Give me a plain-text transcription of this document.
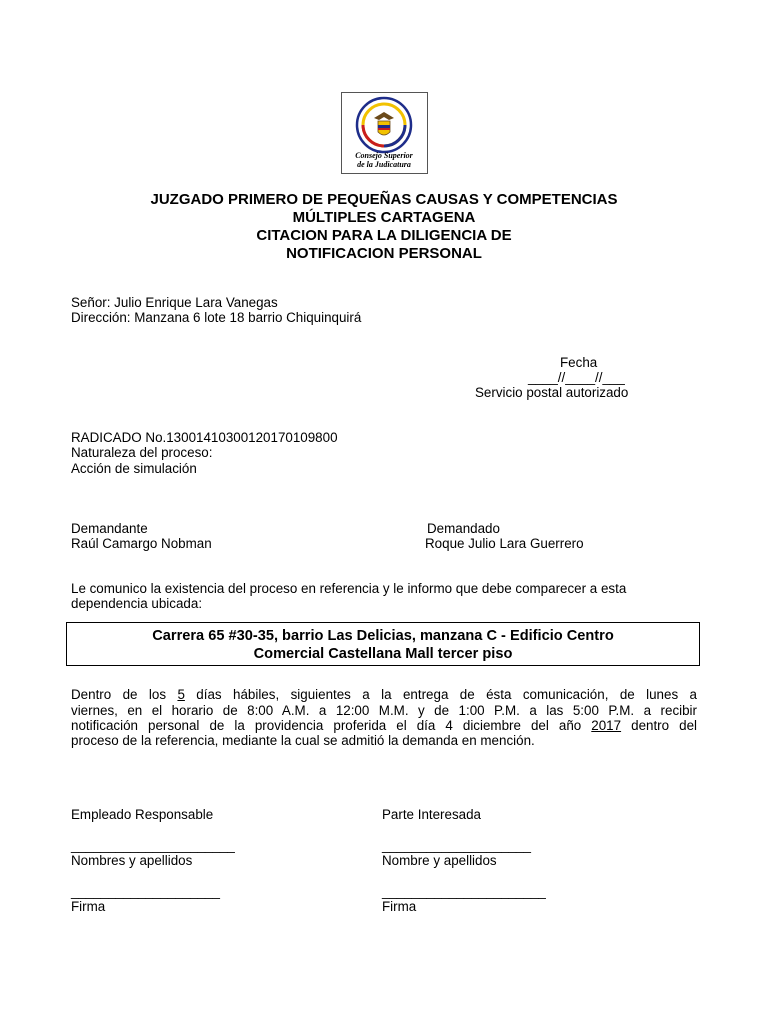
Consejo Superior
de la Judicatura
JUZGADO PRIMERO DE PEQUEÑAS CAUSAS Y COMPETENCIAS
MÚLTIPLES CARTAGENA
CITACION PARA LA DILIGENCIA DE
NOTIFICACION PERSONAL
Señor: Julio Enrique Lara Vanegas
Dirección: Manzana 6 lote 18 barrio Chiquinquirá
Fecha
____//____//___
Servicio postal autorizado
RADICADO No.13001410300120170109800
Naturaleza del proceso:
Acción de simulación
Demandante
Raúl Camargo Nobman
Demandado
Roque Julio Lara Guerrero
Le comunico la existencia del proceso en referencia y le informo que debe comparecer a esta
dependencia ubicada:
Carrera 65 #30-35, barrio Las Delicias, manzana C - Edificio Centro
Comercial Castellana Mall tercer piso
Dentro de los 5 días hábiles, siguientes a la entrega de ésta comunicación, de lunes a
viernes, en el horario de 8:00 A.M. a 12:00 M.M. y de 1:00 P.M. a las 5:00 P.M. a recibir
notificación personal de la providencia proferida el día 4 diciembre del año 2017 dentro del
proceso de la referencia, mediante la cual se admitió la demanda en mención.
Empleado Responsable
______________________
Nombres y apellidos
____________________
Firma
Parte Interesada
____________________
Nombre y apellidos
______________________
Firma
